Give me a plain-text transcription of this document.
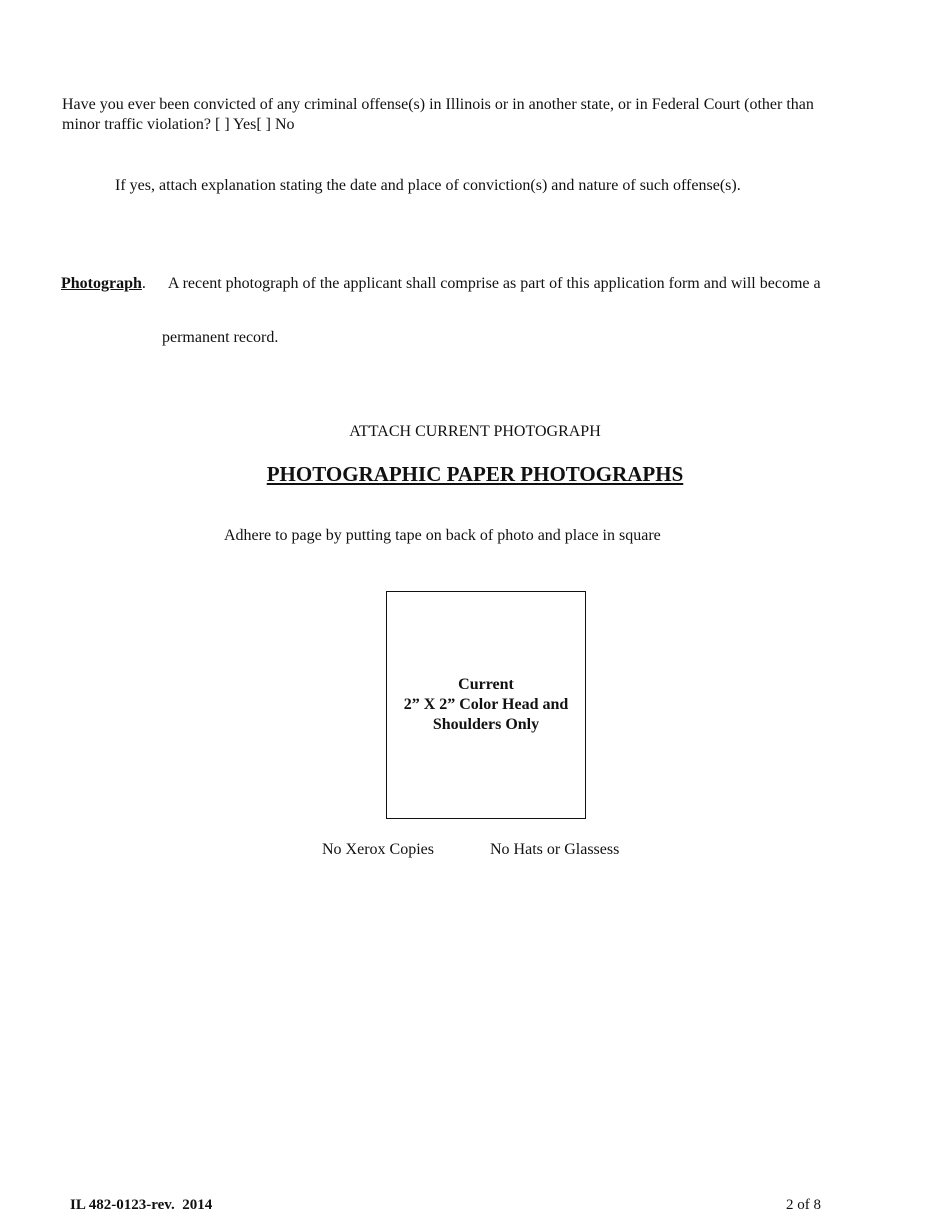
Have you ever been convicted of any criminal offense(s) in Illinois or in another state, or in Federal Court (other than
minor traffic violation? [ ] Yes[ ] No
If yes, attach explanation stating the date and place of conviction(s) and nature of such offense(s).
Photograph. A recent photograph of the applicant shall comprise as part of this application form and will become a
permanent record.
ATTACH CURRENT PHOTOGRAPH
PHOTOGRAPHIC PAPER PHOTOGRAPHS
Adhere to page by putting tape on back of photo and place in square
Current
2” X 2” Color Head and
Shoulders Only
No Xerox Copies	No Hats or Glassess
IL 482-0123-rev.  2014	2 of 8
